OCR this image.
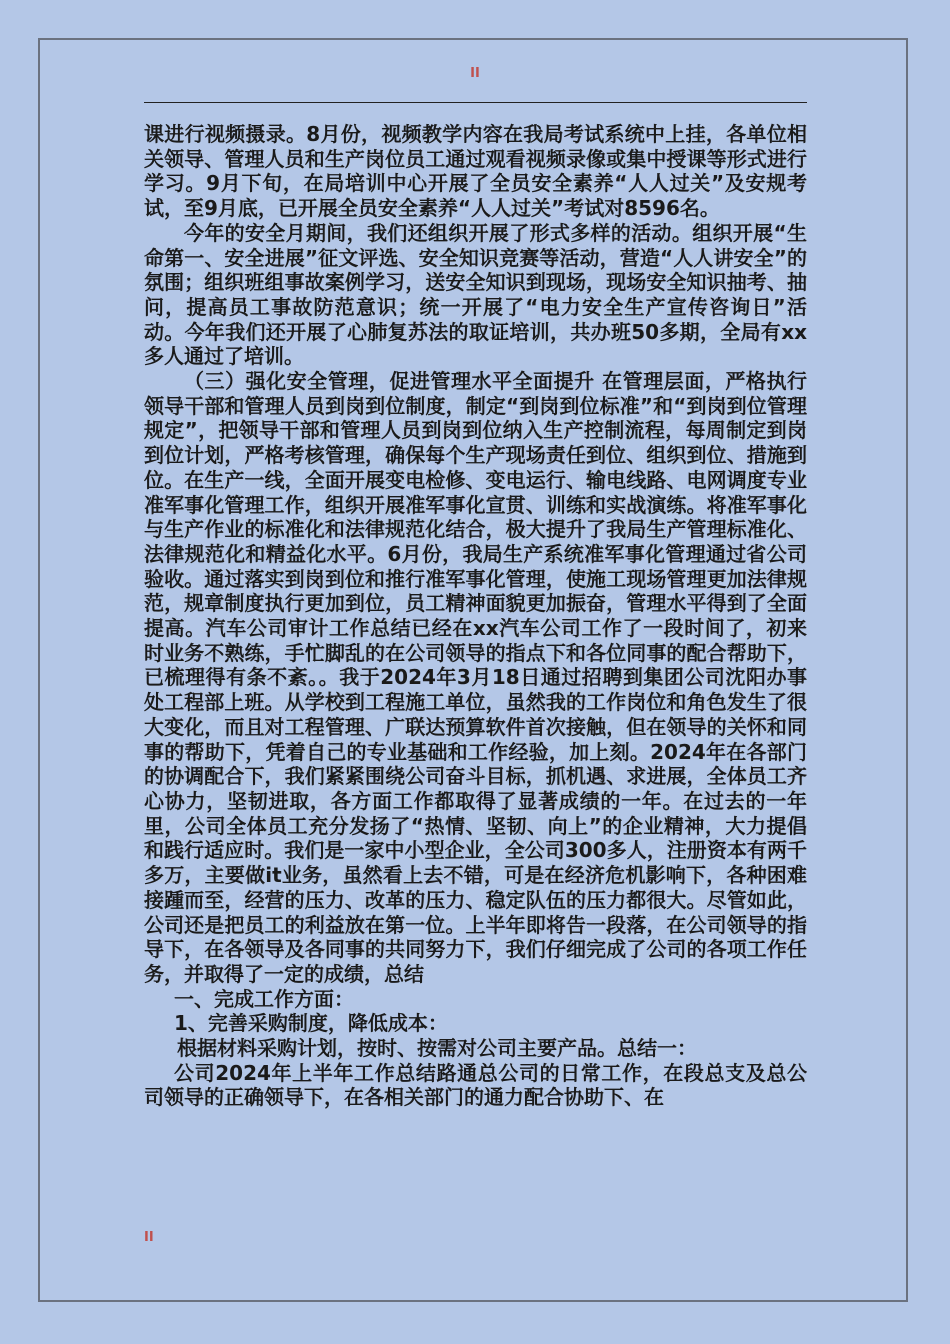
II

课进行视频摄录。8月份，视频教学内容在我局考试系统中上挂，各单位相关领导、管理人员和生产岗位员工通过观看视频录像或集中授课等形式进行学习。9月下旬，在局培训中心开展了全员安全素养“人人过关”及安规考试，至9月底，已开展全员安全素养“人人过关”考试对8596名。

今年的安全月期间，我们还组织开展了形式多样的活动。组织开展“生命第一、安全进展”征文评选、安全知识竞赛等活动，营造“人人讲安全”的氛围；组织班组事故案例学习，送安全知识到现场，现场安全知识抽考、抽问，提高员工事故防范意识；统一开展了“电力安全生产宣传咨询日”活动。今年我们还开展了心肺复苏法的取证培训，共办班50多期，全局有xx多人通过了培训。

（三）强化安全管理，促进管理水平全面提升 在管理层面，严格执行领导干部和管理人员到岗到位制度，制定“到岗到位标准”和“到岗到位管理规定”，把领导干部和管理人员到岗到位纳入生产控制流程，每周制定到岗到位计划，严格考核管理，确保每个生产现场责任到位、组织到位、措施到位。在生产一线，全面开展变电检修、变电运行、输电线路、电网调度专业准军事化管理工作，组织开展准军事化宣贯、训练和实战演练。将准军事化与生产作业的标准化和法律规范化结合，极大提升了我局生产管理标准化、法律规范化和精益化水平。6月份，我局生产系统准军事化管理通过省公司验收。通过落实到岗到位和推行准军事化管理，使施工现场管理更加法律规范，规章制度执行更加到位，员工精神面貌更加振奋，管理水平得到了全面提高。汽车公司审计工作总结已经在xx汽车公司工作了一段时间了，初来时业务不熟练，手忙脚乱的在公司领导的指点下和各位同事的配合帮助下，已梳理得有条不紊。。我于2024年3月18日通过招聘到集团公司沈阳办事处工程部上班。从学校到工程施工单位，虽然我的工作岗位和角色发生了很大变化，而且对工程管理、广联达预算软件首次接触，但在领导的关怀和同事的帮助下，凭着自己的专业基础和工作经验，加上刻。2024年在各部门的协调配合下，我们紧紧围绕公司奋斗目标，抓机遇、求进展，全体员工齐心协力，坚韧进取，各方面工作都取得了显著成绩的一年。在过去的一年里，公司全体员工充分发扬了“热情、坚韧、向上”的企业精神，大力提倡和践行适应时。我们是一家中小型企业，全公司300多人，注册资本有两千多万，主要做it业务，虽然看上去不错，可是在经济危机影响下，各种困难接踵而至，经营的压力、改革的压力、稳定队伍的压力都很大。尽管如此，公司还是把员工的利益放在第一位。上半年即将告一段落，在公司领导的指导下，在各领导及各同事的共同努力下，我们仔细完成了公司的各项工作任务，并取得了一定的成绩，总结

一、完成工作方面：

1、完善采购制度，降低成本：

根据材料采购计划，按时、按需对公司主要产品。总结一：

公司2024年上半年工作总结路通总公司的日常工作，在段总支及总公司领导的正确领导下，在各相关部门的通力配合协助下、在

II
